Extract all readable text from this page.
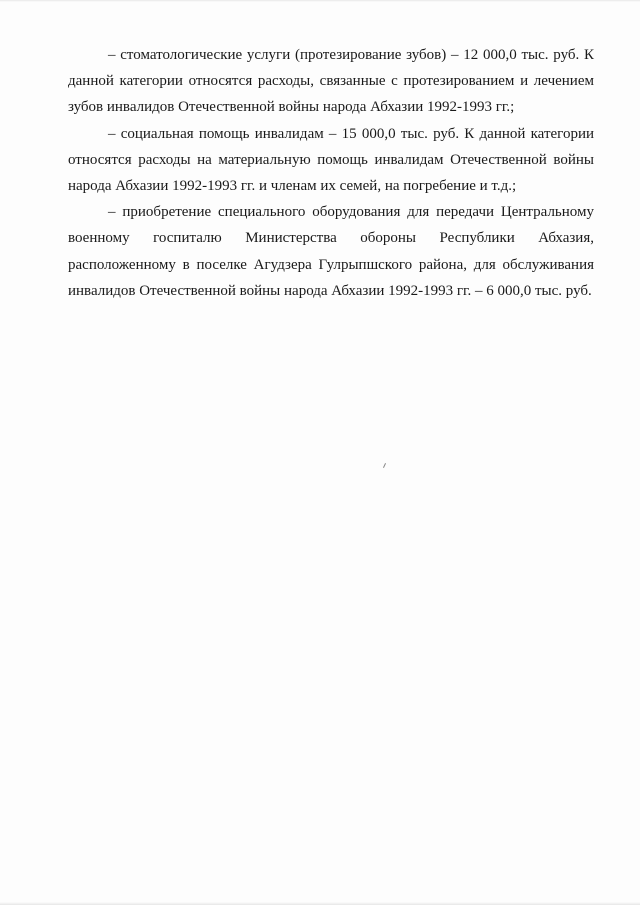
– стоматологические услуги (протезирование зубов) – 12 000,0 тыс. руб. К данной категории относятся расходы, связанные с протезированием и лечением зубов инвалидов Отечественной войны народа Абхазии 1992-1993 гг.;

– социальная помощь инвалидам – 15 000,0 тыс. руб. К данной категории относятся расходы на материальную помощь инвалидам Отечественной войны народа Абхазии 1992-1993 гг. и членам их семей, на погребение и т.д.;

– приобретение специального оборудования для передачи Центральному военному госпиталю Министерства обороны Республики Абхазия, расположенному в поселке Агудзера Гулрыпшского района, для обслуживания инвалидов Отечественной войны народа Абхазии 1992-1993 гг. – 6 000,0 тыс. руб.
